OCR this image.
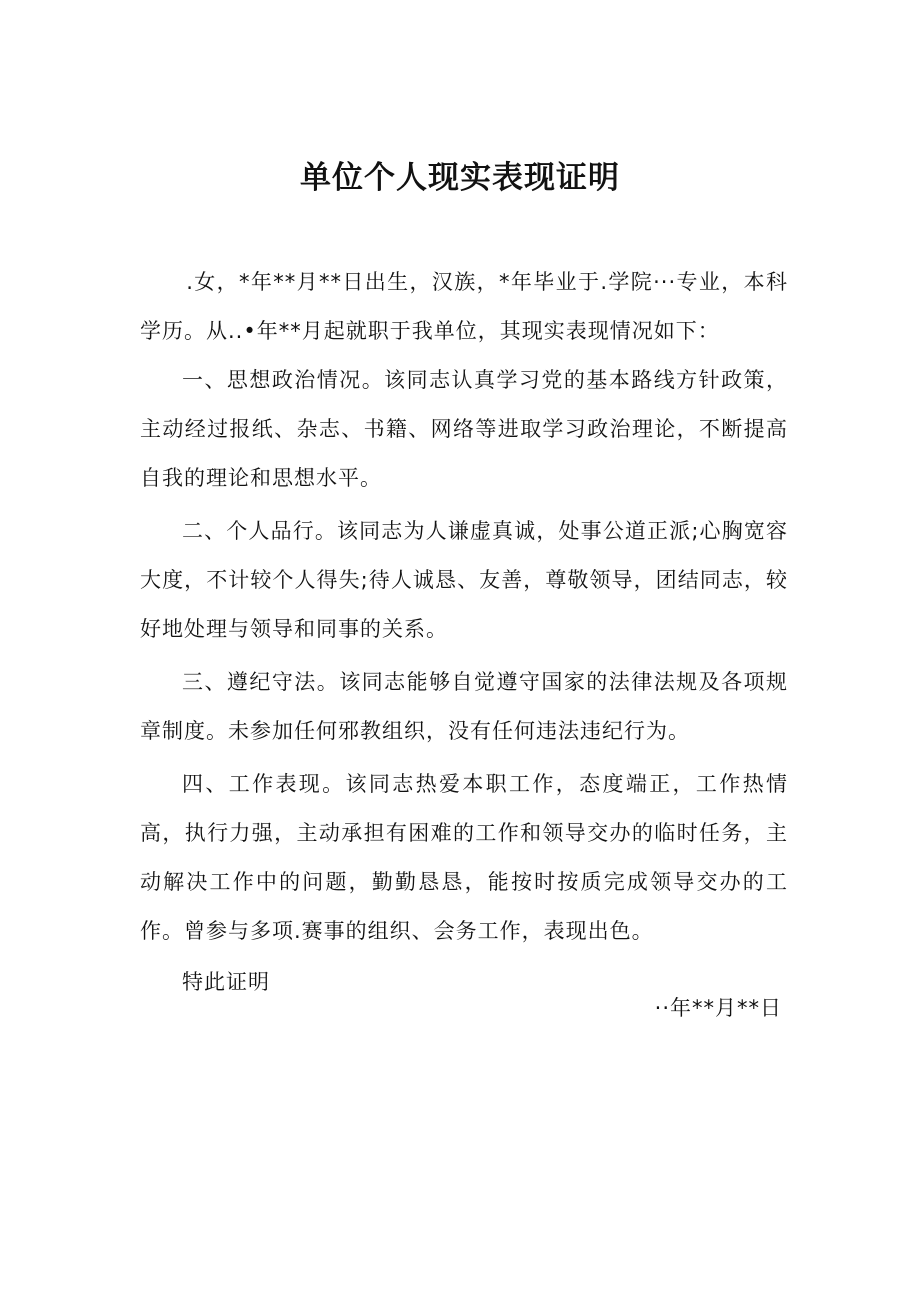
单位个人现实表现证明

.女，*年**月**日出生，汉族，*年毕业于.学院···专业，本科学历。从..•年**月起就职于我单位，其现实表现情况如下：

一、思想政治情况。该同志认真学习党的基本路线方针政策，主动经过报纸、杂志、书籍、网络等进取学习政治理论，不断提高自我的理论和思想水平。

二、个人品行。该同志为人谦虚真诚，处事公道正派;心胸宽容大度，不计较个人得失;待人诚恳、友善，尊敬领导，团结同志，较好地处理与领导和同事的关系。

三、遵纪守法。该同志能够自觉遵守国家的法律法规及各项规章制度。未参加任何邪教组织，没有任何违法违纪行为。

四、工作表现。该同志热爱本职工作，态度端正，工作热情高，执行力强，主动承担有困难的工作和领导交办的临时任务，主动解决工作中的问题，勤勤恳恳，能按时按质完成领导交办的工作。曾参与多项.赛事的组织、会务工作，表现出色。

特此证明

··年**月**日
